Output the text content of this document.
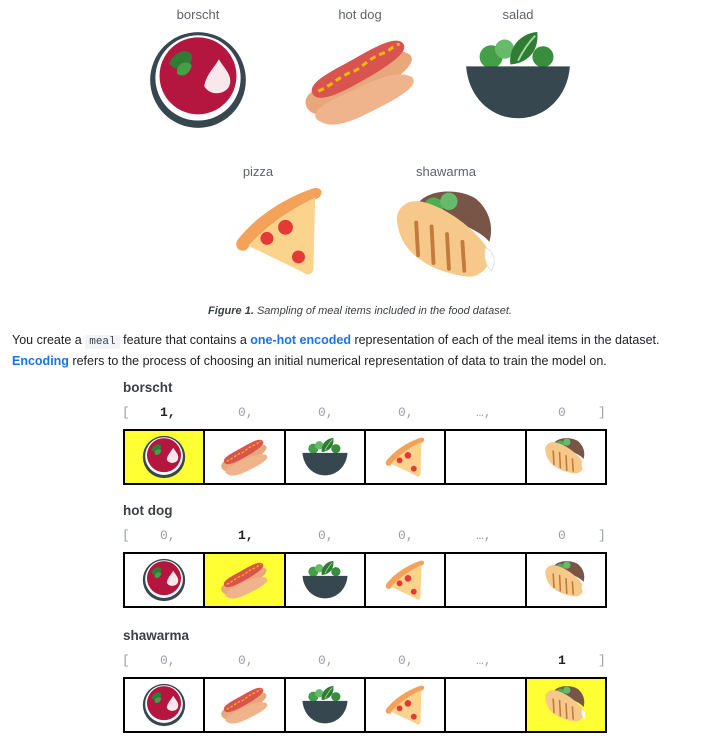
borscht	hot dog	salad
pizza	shawarma
Figure 1. Sampling of meal items included in the food dataset.
You create a meal feature that contains a one-hot encoded representation of each of the meal items in the dataset. Encoding refers to the process of choosing an initial numerical representation of data to train the model on.
borscht
[ 1,	0,	0,	0,	0
…,	]
hot dog
[ 0,	1,	0,	0,	0
…,	]
shawarma
[ 0,	0,	0,	0,	1
…,	]
